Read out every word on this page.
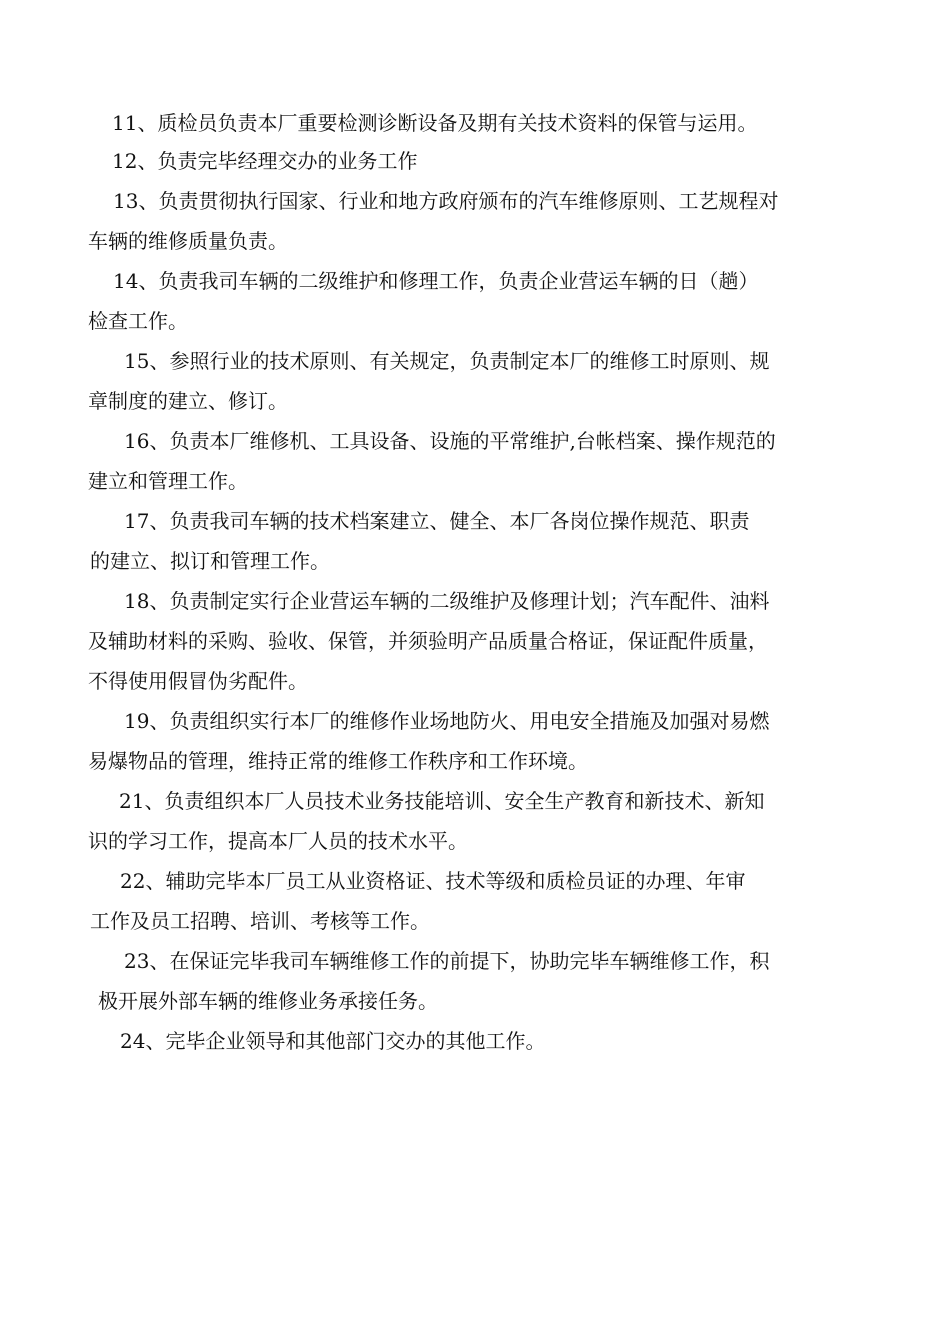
11、质检员负责本厂重要检测诊断设备及期有关技术资料的保管与运用。
12、负责完毕经理交办的业务工作
13、负责贯彻执行国家、行业和地方政府颁布的汽车维修原则、工艺规程对
车辆的维修质量负责。
14、负责我司车辆的二级维护和修理工作，负责企业营运车辆的日（趟）
检查工作。
15、参照行业的技术原则、有关规定，负责制定本厂的维修工时原则、规
章制度的建立、修订。
16、负责本厂维修机、工具设备、设施的平常维护,台帐档案、操作规范的
建立和管理工作。
17、负责我司车辆的技术档案建立、健全、本厂各岗位操作规范、职责
的建立、拟订和管理工作。
18、负责制定实行企业营运车辆的二级维护及修理计划；汽车配件、油料
及辅助材料的采购、验收、保管，并须验明产品质量合格证，保证配件质量，
不得使用假冒伪劣配件。
19、负责组织实行本厂的维修作业场地防火、用电安全措施及加强对易燃
易爆物品的管理，维持正常的维修工作秩序和工作环境。
21、负责组织本厂人员技术业务技能培训、安全生产教育和新技术、新知
识的学习工作，提高本厂人员的技术水平。
22、辅助完毕本厂员工从业资格证、技术等级和质检员证的办理、年审
工作及员工招聘、培训、考核等工作。
23、在保证完毕我司车辆维修工作的前提下，协助完毕车辆维修工作，积
极开展外部车辆的维修业务承接任务。
24、完毕企业领导和其他部门交办的其他工作。
